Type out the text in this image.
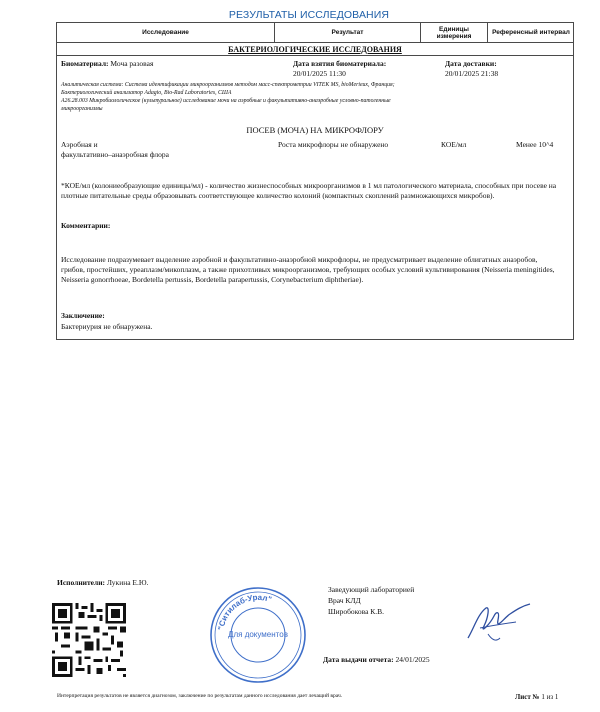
РЕЗУЛЬТАТЫ ИССЛЕДОВАНИЯ
Исследование	Результат	Единицы измерения	Референсный интервал
БАКТЕРИОЛОГИЧЕСКИЕ ИССЛЕДОВАНИЯ
Биоматериал: Моча разовая	Дата взятия биоматериала:
20/01/2025 11:30
Дата доставки:
20/01/2025 21:38
Аналитическая система: Система идентификации микроорганизмов методом масс-спектрометрии VITEK MS, bioMerieux, Франция;
Бактериологический анализатор Adagio, Bio-Rad Laboratories, США
А26.28.003 Микробиологическое (культуральное) исследование мочи на аэробные и факультативно-анаэробные условно-патогенные
микроорганизмы
ПОСЕВ (МОЧА) НА МИКРОФЛОРУ
Аэробная и
факультативно–анаэробная флора
Роста микрофлоры не обнаружено	КОЕ/мл	Менее 10^4
*КОЕ/мл (колониеобразующие единицы/мл) - количество жизнеспособных микроорганизмов в 1 мл патологического материала, способных при посеве на плотные питательные среды образовывать соответствующее количество колоний (компактных скоплений размножающихся микробов).
Комментарии:
Исследование подразумевает выделение аэробной и факультативно-анаэробной микрофлоры, не предусматривает выделение облигатных анаэробов, грибов, простейших, уреаплазм/микоплазм, а также прихотливых микроорганизмов, требующих особых условий культивирования (Neisseria meningitides, Neisseria gonorrhoeae, Bordetella pertussis, Bordetella parapertussis, Corynebacterium diphtheriae).
Заключение:
Бактериурия не обнаружена.
Исполнители: Лукина Е.Ю.
Заведующий лабораторией
Врач КЛД
Широбокова К.В.
Дата выдачи отчета: 24/01/2025
"Ситилаб-Урал"
Для документов
Интерпретация результатов не является диагнозом, заключение по результатам данного исследования дает лечащий врач.	Лист № 1 из 1
